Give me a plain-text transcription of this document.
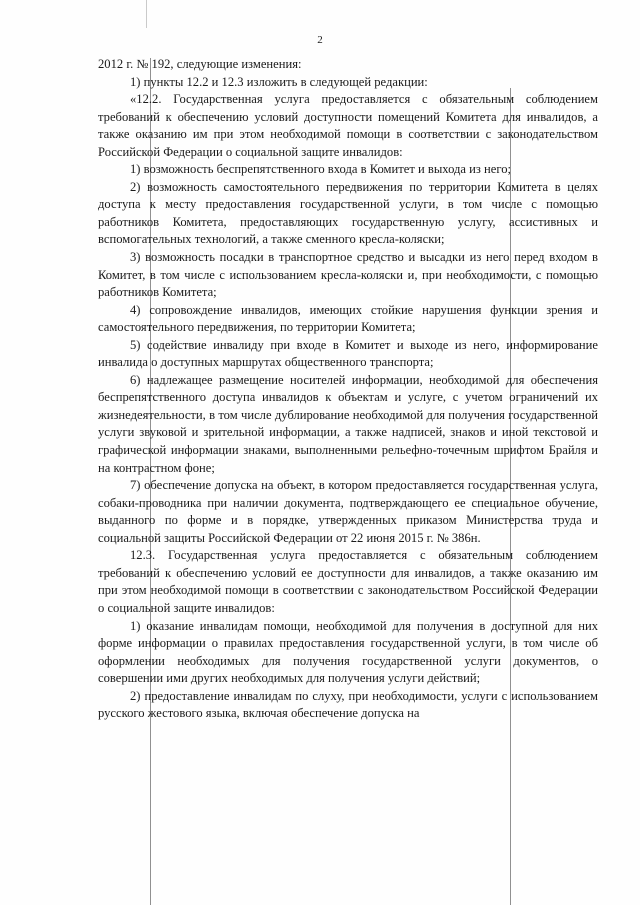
2

2012 г. № 192, следующие изменения:

1) пункты 12.2 и 12.3 изложить в следующей редакции:

«12.2. Государственная услуга предоставляется с обязательным соблюдением требований к обеспечению условий доступности помещений Комитета для инвалидов, а также оказанию им при этом необходимой помощи в соответствии с законодательством Российской Федерации о социальной защите инвалидов:

1) возможность беспрепятственного входа в Комитет и выхода из него;

2) возможность самостоятельного передвижения по территории Комитета в целях доступа к месту предоставления государственной услуги, в том числе с помощью работников Комитета, предоставляющих государственную услугу, ассистивных и вспомогательных технологий, а также сменного кресла-коляски;

3) возможность посадки в транспортное средство и высадки из него перед входом в Комитет, в том числе с использованием кресла-коляски и, при необходимости, с помощью работников Комитета;

4) сопровождение инвалидов, имеющих стойкие нарушения функции зрения и самостоятельного передвижения, по территории Комитета;

5) содействие инвалиду при входе в Комитет и выходе из него, информирование инвалида о доступных маршрутах общественного транспорта;

6) надлежащее размещение носителей информации, необходимой для обеспечения беспрепятственного доступа инвалидов к объектам и услуге, с учетом ограничений их жизнедеятельности, в том числе дублирование необходимой для получения государственной услуги звуковой и зрительной информации, а также надписей, знаков и иной текстовой и графической информации знаками, выполненными рельефно-точечным шрифтом Брайля и на контрастном фоне;

7) обеспечение допуска на объект, в котором предоставляется государственная услуга, собаки-проводника при наличии документа, подтверждающего ее специальное обучение, выданного по форме и в порядке, утвержденных приказом Министерства труда и социальной защиты Российской Федерации от 22 июня 2015 г. № 386н.

12.3. Государственная услуга предоставляется с обязательным соблюдением требований к обеспечению условий ее доступности для инвалидов, а также оказанию им при этом необходимой помощи в соответствии с законодательством Российской Федерации о социальной защите инвалидов:

1) оказание инвалидам помощи, необходимой для получения в доступной для них форме информации о правилах предоставления государственной услуги, в том числе об оформлении необходимых для получения государственной услуги документов, о совершении ими других необходимых для получения услуги действий;

2) предоставление инвалидам по слуху, при необходимости, услуги с использованием русского жестового языка, включая обеспечение допуска на
